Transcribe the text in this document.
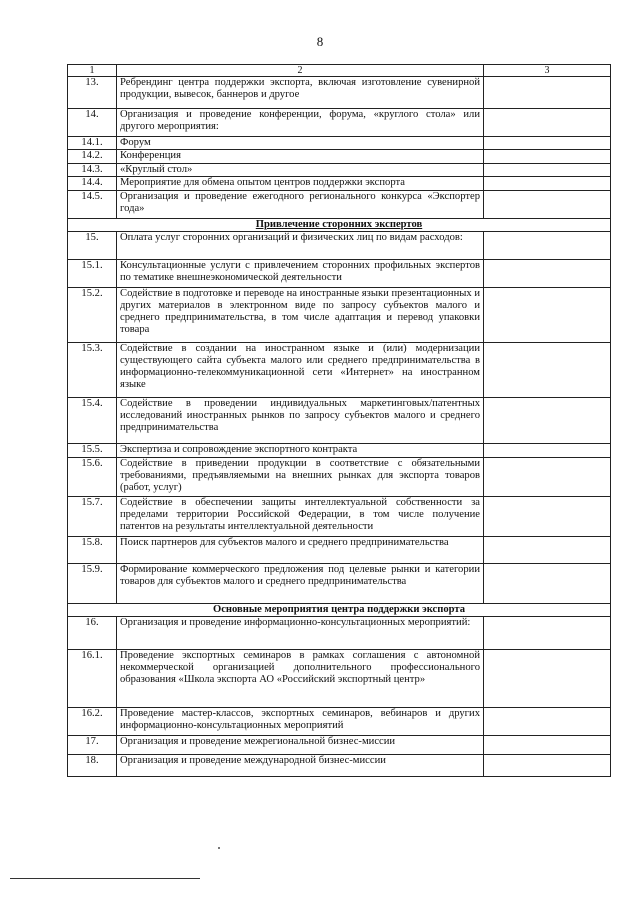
8
1	2	3
13.	Ребрендинг центра поддержки экспорта, включая изготовление сувенирной продукции, вывесок, баннеров и другое	
14.	Организация и проведение конференции, форума, «круглого стола» или другого мероприятия:	
14.1.	Форум	
14.2.	Конференция	
14.3.	«Круглый стол»	
14.4.	Мероприятие для обмена опытом центров поддержки экспорта	
14.5.	Организация и проведение ежегодного регионального конкурса «Экспортер года»	
Привлечение сторонних экспертов		
15.	Оплата услуг сторонних организаций и физических лиц по видам расходов:	
15.1.	Консультационные услуги с привлечением сторонних профильных экспертов по тематике внешнеэкономической деятельности	
15.2.	Содействие в подготовке и переводе на иностранные языки презентационных и других материалов в электронном виде по запросу субъектов малого и среднего предпринимательства, в том числе адаптация и перевод упаковки товара	
15.3.	Содействие в создании на иностранном языке и (или) модернизации существующего сайта субъекта малого или среднего предпринимательства в информационно-телекоммуникационной сети «Интернет» на иностранном языке	
15.4.	Содействие в проведении индивидуальных маркетинговых/патентных исследований иностранных рынков по запросу субъектов малого и среднего предпринимательства	
15.5.	Экспертиза и сопровождение экспортного контракта	
15.6.	Содействие в приведении продукции в соответствие с обязательными требованиями, предъявляемыми на внешних рынках для экспорта товаров (работ, услуг)	
15.7.	Содействие в обеспечении защиты интеллектуальной собственности за пределами территории Российской Федерации, в том числе получение патентов на результаты интеллектуальной деятельности	
15.8.	Поиск партнеров для субъектов малого и среднего предпринимательства	
15.9.	Формирование коммерческого предложения под целевые рынки и категории товаров для субъектов малого и среднего предпринимательства	
Основные мероприятия центра поддержки экспорта		
16.	Организация и проведение информационно-консультационных мероприятий:	
16.1.	Проведение экспортных семинаров в рамках соглашения с автономной некоммерческой организацией дополнительного профессионального образования «Школа экспорта АО «Российский экспортный центр»	
16.2.	Проведение мастер-классов, экспортных семинаров, вебинаров и других информационно-консультационных мероприятий	
17.	Организация и проведение межрегиональной бизнес-миссии	
18.	Организация и проведение международной бизнес-миссии	
